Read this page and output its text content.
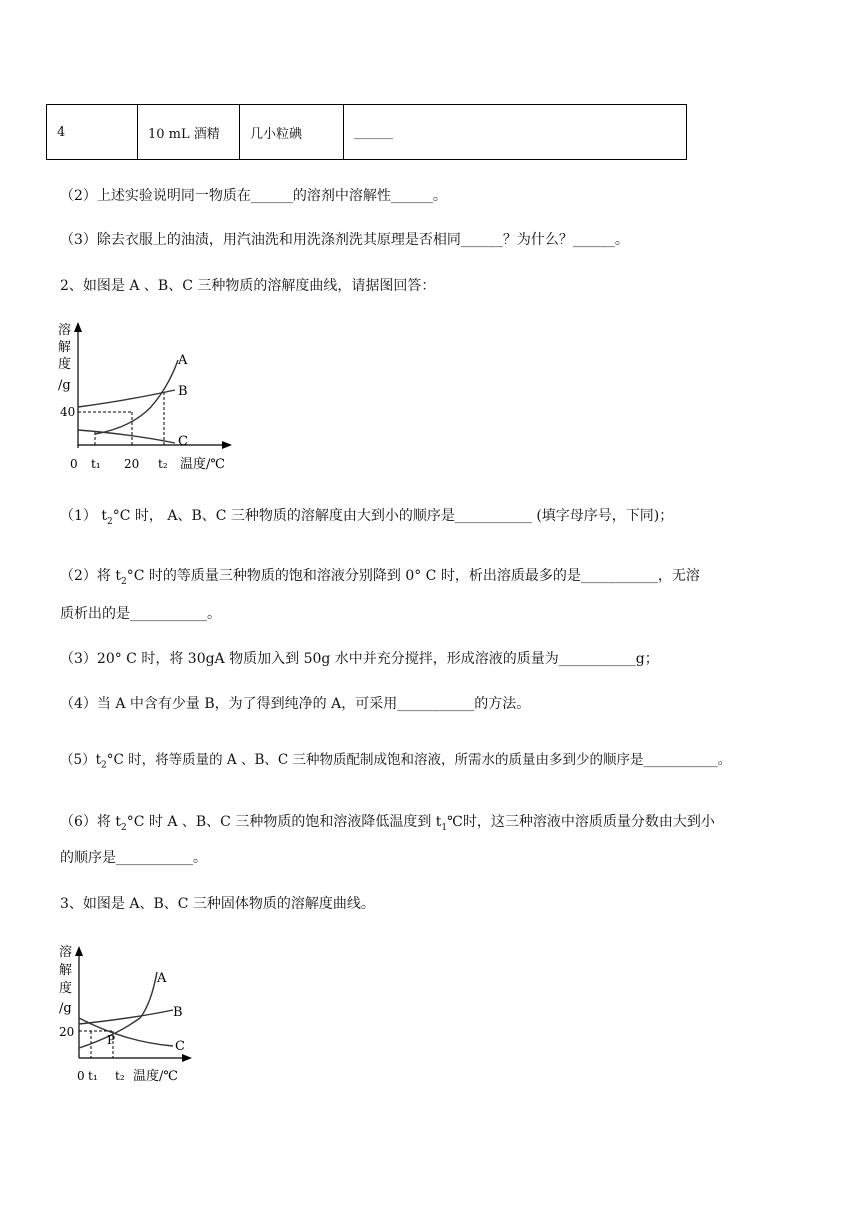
4	10 mL 酒精	几小粒碘	______
（2）上述实验说明同一物质在______的溶剂中溶解性______。
（3）除去衣服上的油渍，用汽油洗和用洗涤剂洗其原理是否相同______？为什么？______。
2、如图是 A 、B、C 三种物质的溶解度曲线，请据图回答：
溶
解
度
/g
40
A
B
C
0 t₁ 20 t₂ 温度/℃
（1） $t_2^\circ C$ 时， A、B、C 三种物质的溶解度由大到小的顺序是___________ (填字母序号，下同)；
（2）将 $t_2^\circ C$ 时的等质量三种物质的饱和溶液分别降到 0° C 时，析出溶质最多的是___________，无溶
质析出的是___________。
（3）20° C 时，将 30gA 物质加入到 50g 水中并充分搅拌，形成溶液的质量为___________g；
（4）当 A 中含有少量 B，为了得到纯净的 A，可采用___________的方法。
$(5)t_2^\circ C$ 时，将等质量的 A 、B、C 三种物质配制成饱和溶液，所需水的质量由多到少的顺序是___________。
（6）将 $t_2^\circ C$ 时 A 、B、C 三种物质的饱和溶液降低温度到 $t_1℃$时，这三种溶液中溶质质量分数由大到小
的顺序是___________。
3、如图是 A、B、C 三种固体物质的溶解度曲线。
溶
解
度
/g
20
P
A
B
C
0 t₁ t₂ 温度/℃
